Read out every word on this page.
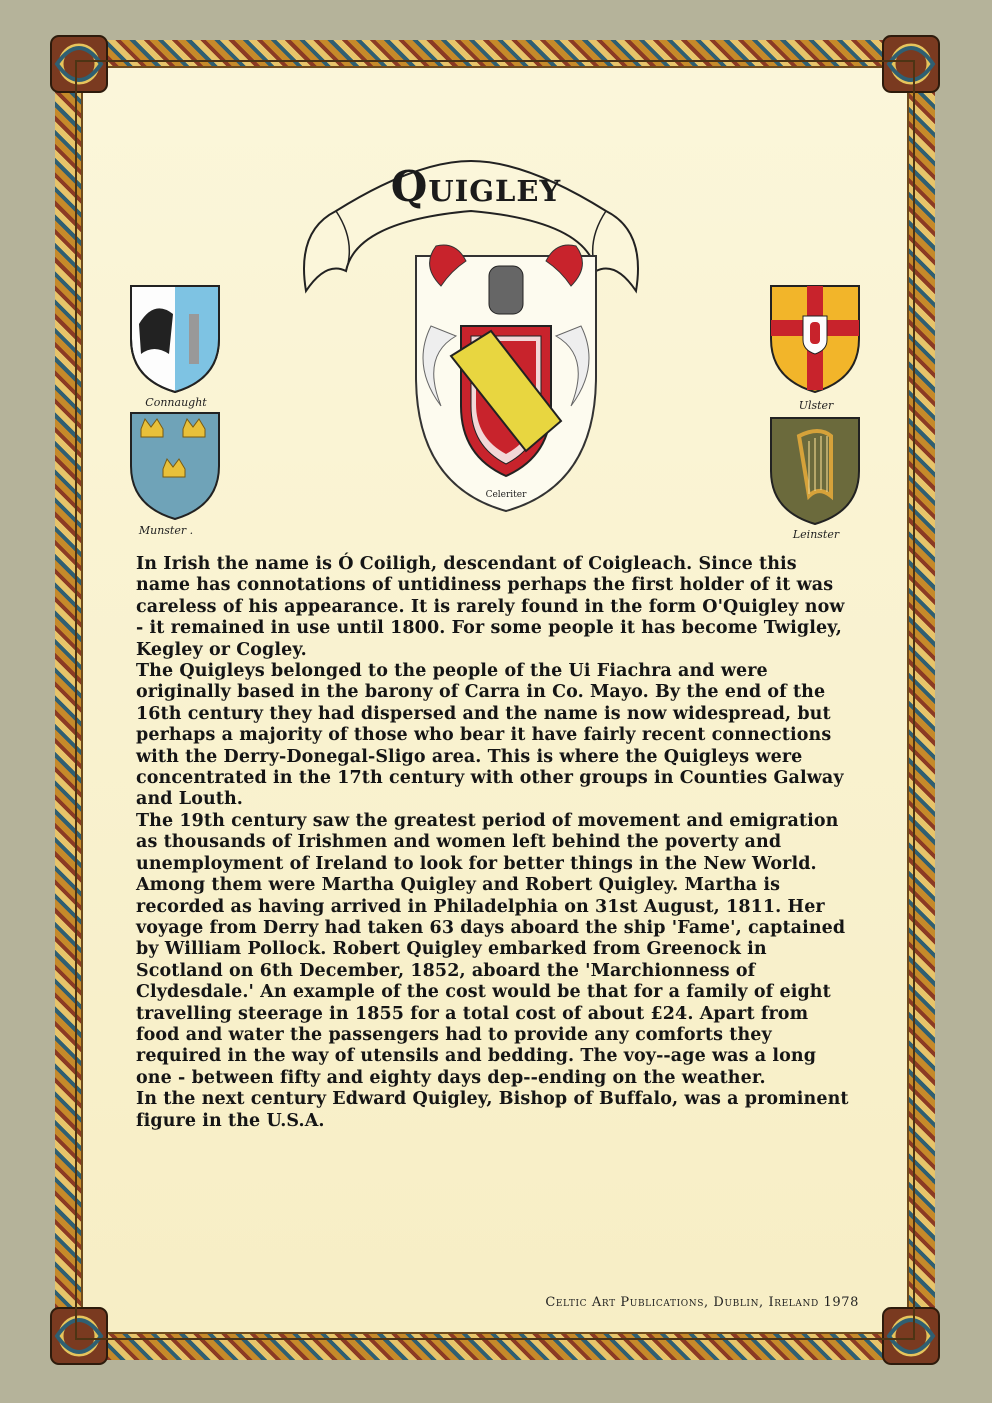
Quigley
Celeriter
Connaught
Munster .
Ulster
Leinster

In Irish the name is Ó Coiligh, descendant of Coigleach. Since this name has connotations of untidiness perhaps the first holder of it was careless of his appearance. It is rarely found in the form O'Quigley now - it remained in use until 1800. For some people it has become Twigley, Kegley or Cogley.

The Quigleys belonged to the people of the Ui Fiachra and were originally based in the barony of Carra in Co. Mayo. By the end of the 16th century they had dispersed and the name is now widespread, but perhaps a majority of those who bear it have fairly recent connections with the Derry-Donegal-Sligo area. This is where the Quigleys were concentrated in the 17th century with other groups in Counties Galway and Louth.

The 19th century saw the greatest period of movement and emigration as thousands of Irishmen and women left behind the poverty and unemployment of Ireland to look for better things in the New World. Among them were Martha Quigley and Robert Quigley. Martha is recorded as having arrived in Philadelphia on 31st August, 1811. Her voyage from Derry had taken 63 days aboard the ship 'Fame', captained by William Pollock. Robert Quigley embarked from Greenock in Scotland on 6th December, 1852, aboard the 'Marchionness of Clydesdale.' An example of the cost would be that for a family of eight travelling steerage in 1855 for a total cost of about £24. Apart from food and water the passengers had to provide any comforts they required in the way of utensils and bedding. The voy--age was a long one - between fifty and eighty days dep--ending on the weather.

In the next century Edward Quigley, Bishop of Buffalo, was a prominent figure in the U.S.A.

Celtic Art Publications, Dublin, Ireland 1978
